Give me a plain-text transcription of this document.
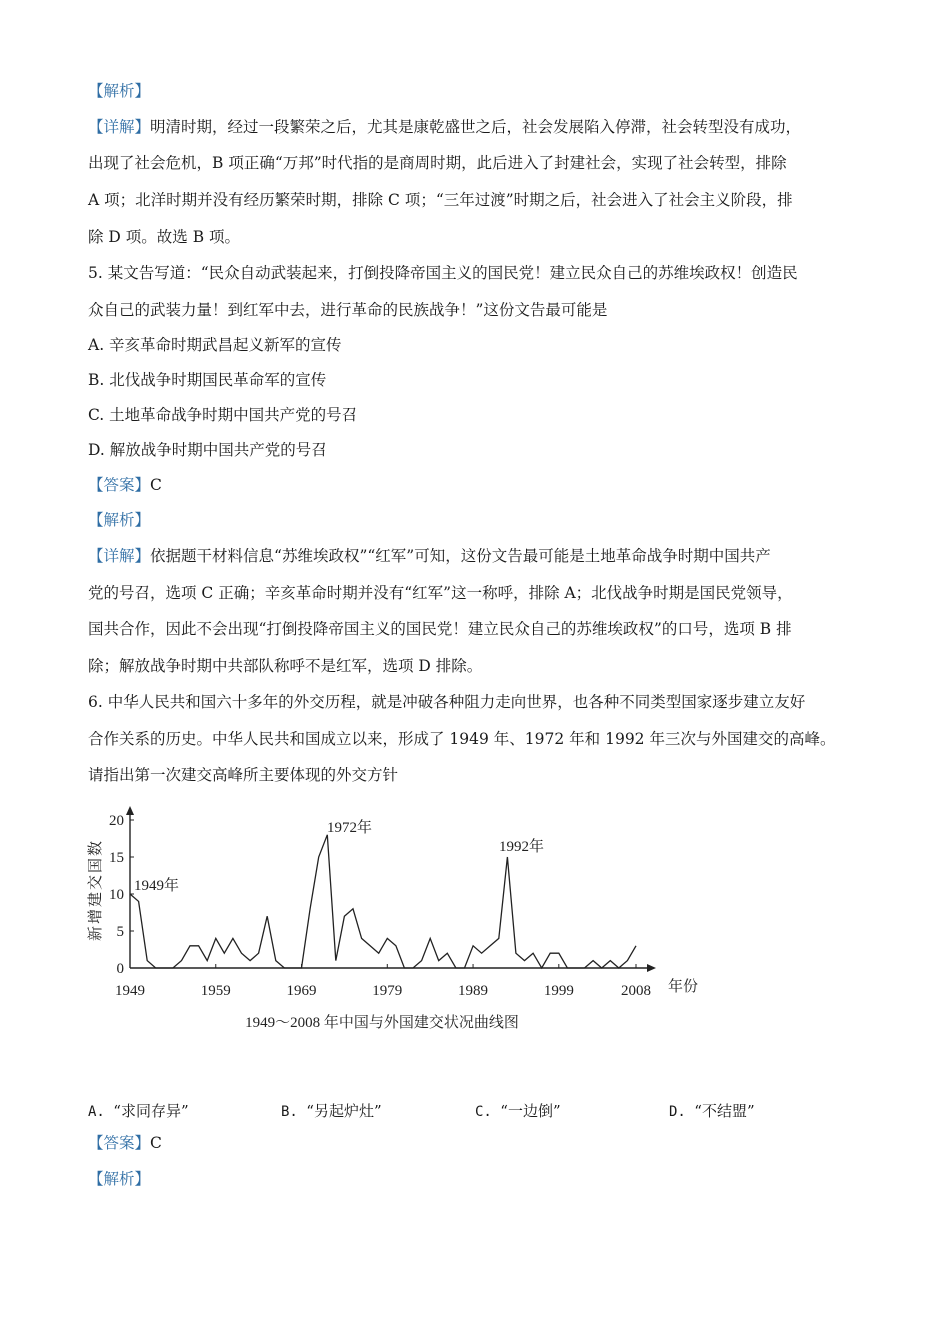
【解析】
【详解】明清时期，经过一段繁荣之后，尤其是康乾盛世之后，社会发展陷入停滞，社会转型没有成功，
出现了社会危机，B 项正确“万邦”时代指的是商周时期，此后进入了封建社会，实现了社会转型，排除
A 项；北洋时期并没有经历繁荣时期，排除 C 项；“三年过渡”时期之后，社会进入了社会主义阶段，排
除 D 项。故选 B 项。
5. 某文告写道：“民众自动武装起来，打倒投降帝国主义的国民党！建立民众自己的苏维埃政权！创造民
众自己的武装力量！到红军中去，进行革命的民族战争！”这份文告最可能是
A. 辛亥革命时期武昌起义新军的宣传
B. 北伐战争时期国民革命军的宣传
C. 土地革命战争时期中国共产党的号召
D. 解放战争时期中国共产党的号召
【答案】C
【解析】
【详解】依据题干材料信息“苏维埃政权”“红军”可知，这份文告最可能是土地革命战争时期中国共产
党的号召，选项 C 正确；辛亥革命时期并没有“红军”这一称呼，排除 A；北伐战争时期是国民党领导，
国共合作，因此不会出现“打倒投降帝国主义的国民党！建立民众自己的苏维埃政权”的口号，选项 B 排
除；解放战争时期中共部队称呼不是红军，选项 D 排除。
6. 中华人民共和国六十多年的外交历程，就是冲破各种阻力走向世界，也各种不同类型国家逐步建立友好
合作关系的历史。中华人民共和国成立以来，形成了 1949 年、1972 年和 1992 年三次与外国建交的高峰。
请指出第一次建交高峰所主要体现的外交方针
0
5
10
15
20
1949	1959	1969	1979	1989	1999	2008
新增建交国数
年份
1949年
1972年
1992年
1949～2008 年中国与外国建交状况曲线图
A. “求同存异”	B. “另起炉灶”	C. “一边倒”	D. “不结盟”
【答案】C
【解析】
